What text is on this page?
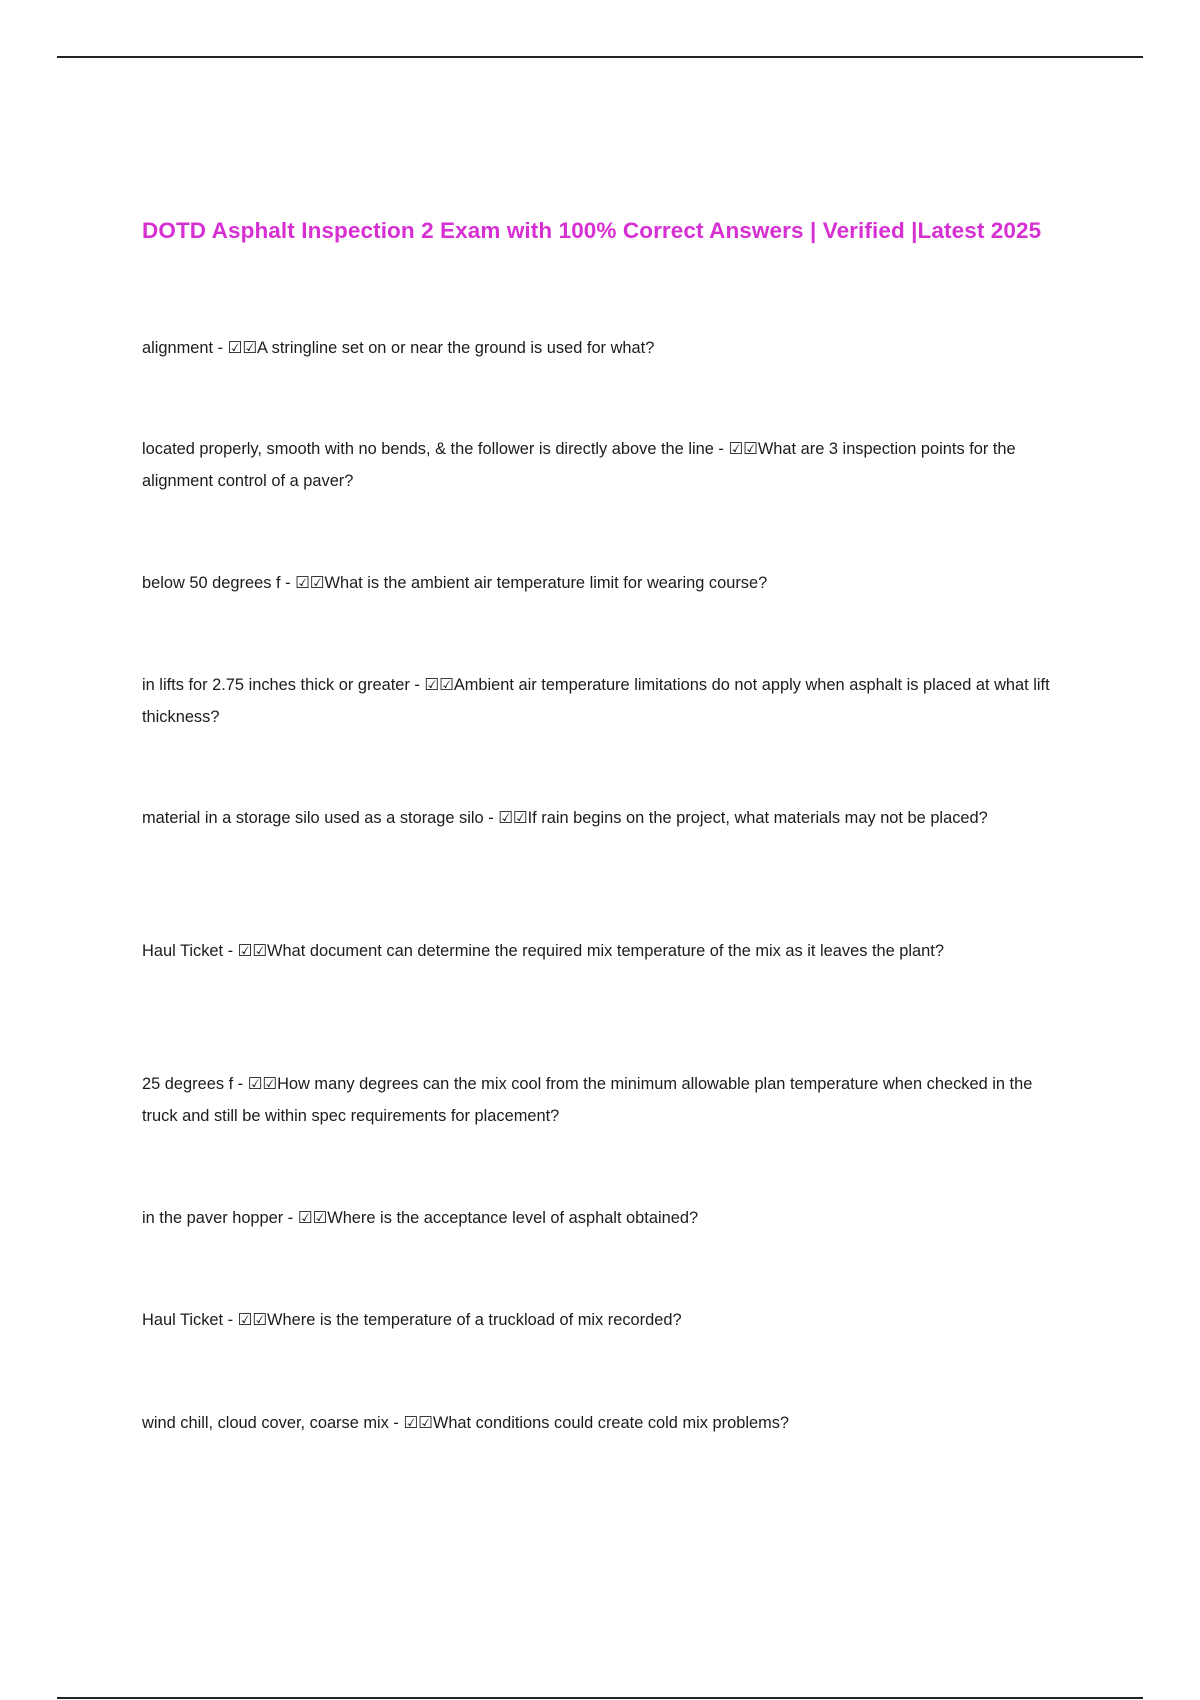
DOTD Asphalt Inspection 2 Exam with 100% Correct Answers | Verified |Latest 2025
alignment - ☑☑A stringline set on or near the ground is used for what?
located properly, smooth with no bends, & the follower is directly above the line - ☑☑What are 3 inspection points for the alignment control of a paver?
below 50 degrees f - ☑☑What is the ambient air temperature limit for wearing course?
in lifts for 2.75 inches thick or greater - ☑☑Ambient air temperature limitations do not apply when asphalt is placed at what lift thickness?
material in a storage silo used as a storage silo - ☑☑If rain begins on the project, what materials may not be placed?
Haul Ticket - ☑☑What document can determine the required mix temperature of the mix as it leaves the plant?
25 degrees f - ☑☑How many degrees can the mix cool from the minimum allowable plan temperature when checked in the truck and still be within spec requirements for placement?
in the paver hopper - ☑☑Where is the acceptance level of asphalt obtained?
Haul Ticket - ☑☑Where is the temperature of a truckload of mix recorded?
wind chill, cloud cover, coarse mix - ☑☑What conditions could create cold mix problems?
